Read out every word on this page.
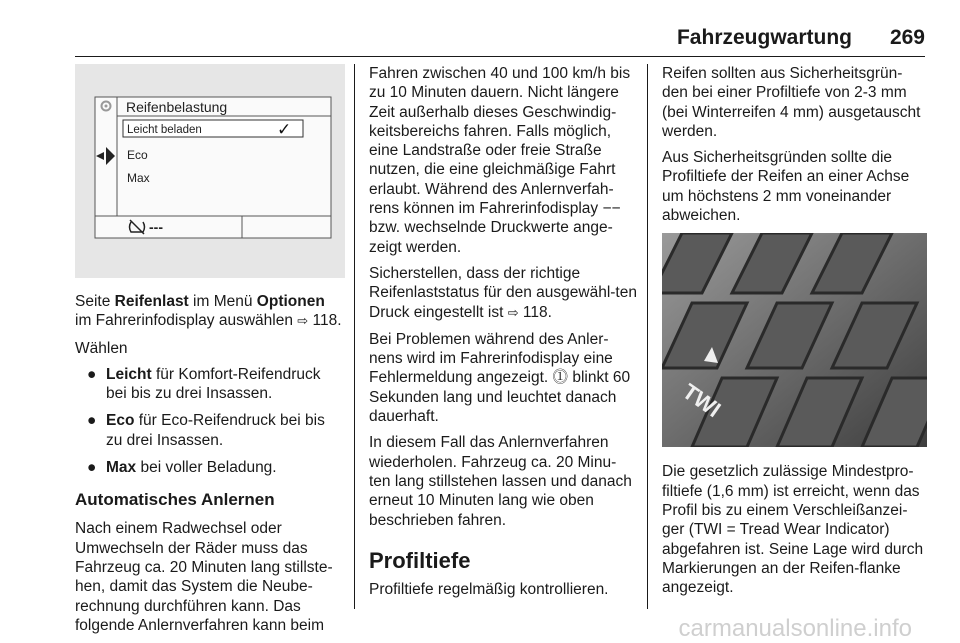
Fahrzeugwartung 269
Reifenbelastung
Leicht beladen	✓
Eco
Max
---

Seite Reifenlast im Menü Optionen im Fahrerinfodisplay auswählen ⇨ 118.

Wählen

● Leicht für Komfort-Reifendruck bei bis zu drei Insassen.
● Eco für Eco-Reifendruck bei bis zu drei Insassen.
● Max bei voller Beladung.
Automatisches Anlernen

Nach einem Radwechsel oder Umwechseln der Räder muss das Fahrzeug ca. 20 Minuten lang stillste-hen, damit das System die Neube-rechnung durchführen kann. Das folgende Anlernverfahren kann beim

Fahren zwischen 40 und 100 km/h bis zu 10 Minuten dauern. Nicht längere Zeit außerhalb dieses Geschwindig-keitsbereichs fahren. Falls möglich, eine Landstraße oder freie Straße nutzen, die eine gleichmäßige Fahrt erlaubt. Während des Anlernverfah-rens können im Fahrerinfodisplay −− bzw. wechselnde Druckwerte ange-zeigt werden.

Sicherstellen, dass der richtige Reifenlaststatus für den ausgewähl-ten Druck eingestellt ist ⇨ 118.

Bei Problemen während des Anler-nens wird im Fahrerinfodisplay eine Fehlermeldung angezeigt. ⓵ blinkt 60 Sekunden lang und leuchtet danach dauerhaft.

In diesem Fall das Anlernverfahren wiederholen. Fahrzeug ca. 20 Minu-ten lang stillstehen lassen und danach erneut 10 Minuten lang wie oben beschrieben fahren.

Profiltiefe

Profiltiefe regelmäßig kontrollieren.

Reifen sollten aus Sicherheitsgrün-den bei einer Profiltiefe von 2-3 mm (bei Winterreifen 4 mm) ausgetauscht werden.

Aus Sicherheitsgründen sollte die Profiltiefe der Reifen an einer Achse um höchstens 2 mm voneinander abweichen.

TWI

Die gesetzlich zulässige Mindestpro-filtiefe (1,6 mm) ist erreicht, wenn das Profil bis zu einem Verschleißanzei-ger (TWI = Tread Wear Indicator) abgefahren ist. Seine Lage wird durch Markierungen an der Reifen-flanke angezeigt.

carmanualsonline.info
